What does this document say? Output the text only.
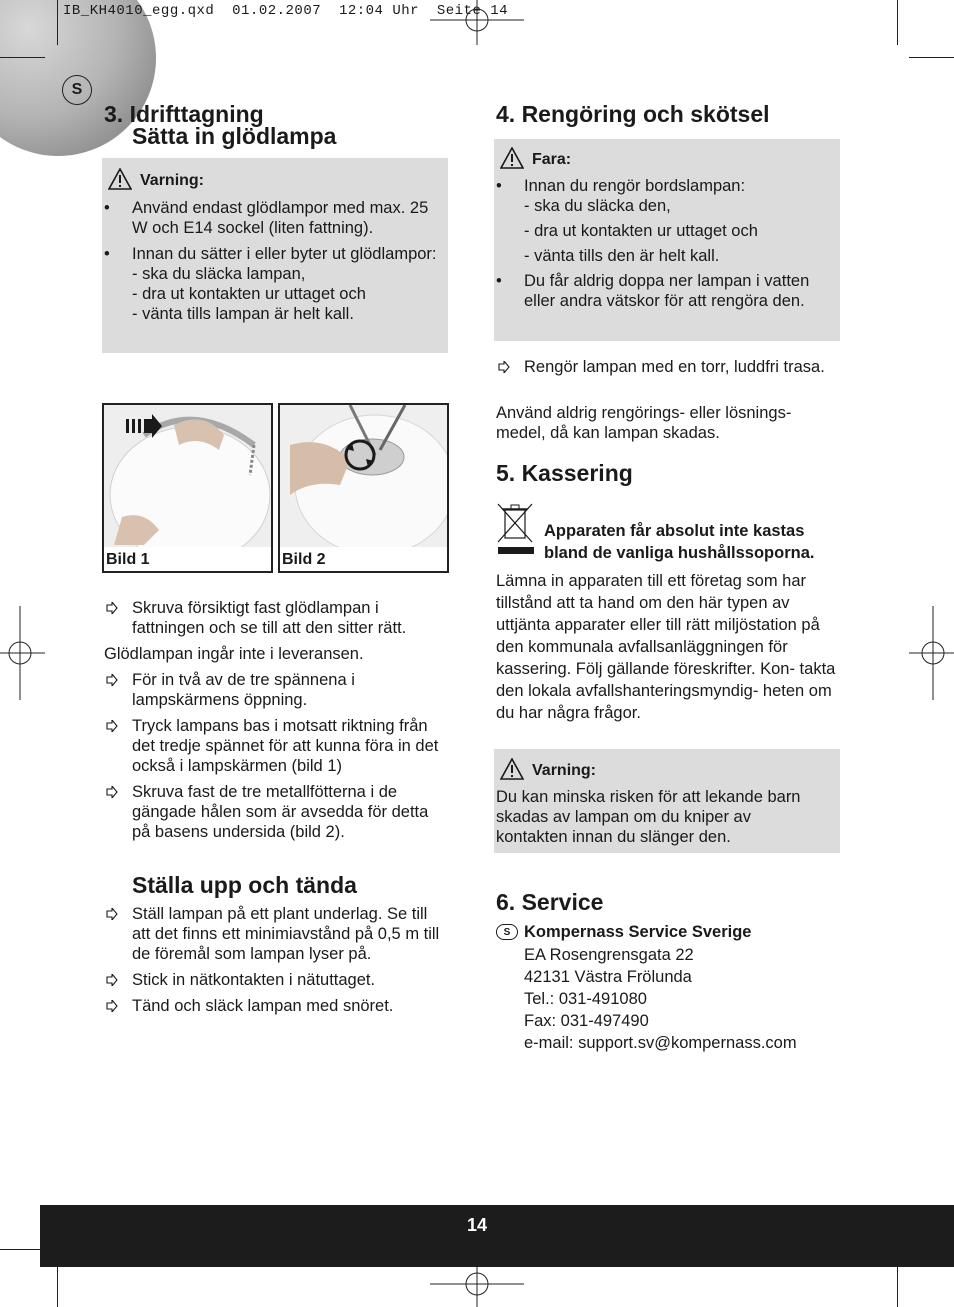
IB_KH4010_egg.qxd  01.02.2007  12:04 Uhr  Seite 14
S
3. Idrifttagning
Sätta in glödlampa
Varning:
• Använd endast glödlampor med max. 25 W och E14 sockel (liten fattning).
• Innan du sätter i eller byter ut glödlampor:
- ska du släcka lampan,
- dra ut kontakten ur uttaget och
- vänta tills lampan är helt kall.
Bild 1	Bild 2
Skruva försiktigt fast glödlampan i fattningen och se till att den sitter rätt.
Glödlampan ingår inte i leveransen.
För in två av de tre spännena i lampskärmens öppning.
Tryck lampans bas i motsatt riktning från det tredje spännet för att kunna föra in det också i lampskärmen (bild 1)
Skruva fast de tre metallfötterna i de gängade hålen som är avsedda för detta på basens undersida (bild 2).
Ställa upp och tända
Ställ lampan på ett plant underlag. Se till att det finns ett minimiavstånd på 0,5 m till de föremål som lampan lyser på.
Stick in nätkontakten i nätuttaget.
Tänd och släck lampan med snöret.
4. Rengöring och skötsel
Fara:
• Innan du rengör bordslampan:
- ska du släcka den,
- dra ut kontakten ur uttaget och
- vänta tills den är helt kall.
• Du får aldrig doppa ner lampan i vatten eller andra vätskor för att rengöra den.
Rengör lampan med en torr, luddfri trasa.
Använd aldrig rengörings- eller lösnings- medel, då kan lampan skadas.
5. Kassering
Apparaten får absolut inte kastas bland de vanliga hushållssoporna.
Lämna in apparaten till ett företag som har tillstånd att ta hand om den här typen av uttjänta apparater eller till rätt miljöstation på den kommunala avfallsanläggningen för kassering. Följ gällande föreskrifter. Kon- takta den lokala avfallshanteringsmyndig- heten om du har några frågor.
Varning:
Du kan minska risken för att lekande barn skadas av lampan om du kniper av kontakten innan du slänger den.
6. Service
S Kompernass Service Sverige
EA Rosengrensgata 22
42131 Västra Frölunda
Tel.: 031-491080
Fax: 031-497490
e-mail: support.sv@kompernass.com
14
